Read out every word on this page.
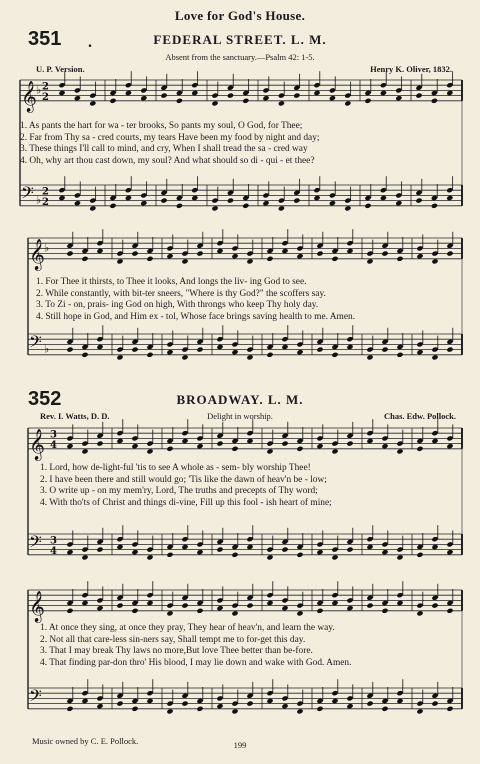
Love for God's House.
351 .	FEDERAL STREET. L. M.
Absent from the sanctuary.—Psalm 42: 1-5.
U. P. Version.	Henry K. Oliver, 1832.
1. As pants the hart for wa - ter brooks, So pants my soul, O God, for Thee;
2. Far from Thy sa - cred courts, my tears Have been my food by night and day;
3. These things I'll call to mind, and cry, When I shall tread the sa - cred way
4. Oh, why art thou cast down, my soul? And what should so di - qui - et thee?
1. For Thee it thirsts, to Thee it looks, And longs the liv- ing God to see.
2. While constantly, with bit-ter sneers, "Where is thy God?" the scoffers say.
3. To Zi - on, prais- ing God on high, With throngs who keep Thy holy day.
4. Still hope in God, and Him ex - tol, Whose face brings saving health to me. Amen.
352	BROADWAY. L. M.
Rev. I. Watts, D. D.	Delight in worship.	Chas. Edw. Pollock.
1. Lord, how de-light-ful 'tis to see A whole as - sem- bly worship Thee!
2. I have been there and still would go; 'Tis like the dawn of heav'n be - low;
3. O write up - on my mem'ry, Lord, The truths and precepts of Thy word;
4. With tho'ts of Christ and things di-vine, Fill up this fool - ish heart of mine;
1. At once they sing, at once they pray, They hear of heav'n, and learn the way.
2. Not all that care-less sin-ners say, Shall tempt me to for-get this day.
3. That I may break Thy laws no more,But love Thee better than be-fore.
4. That finding par-don thro' His blood, I may lie down and wake with God. Amen.
Music owned by C. E. Pollock.	199
𝄞 ♭ 2
2
𝄢 ♭
2
2
𝄞 ♭
𝄢 ♭
𝄞 3
4
𝄢 3
4
𝄞
𝄢
